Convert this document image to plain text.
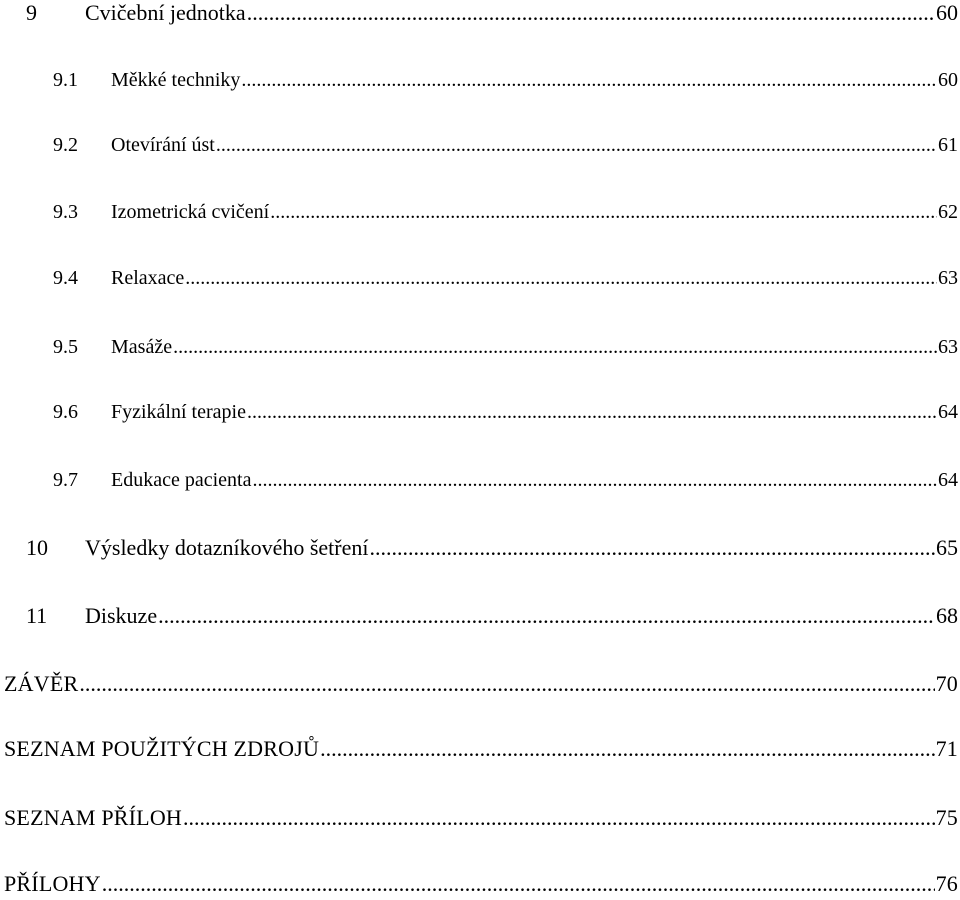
9	Cvičební jednotka .....	60
9.1	Měkké techniky .....	60
9.2	Otevírání úst .....	61
9.3	Izometrická cvičení .....	62
9.4	Relaxace .....	63
9.5	Masáže .....	63
9.6	Fyzikální terapie .....	64
9.7	Edukace pacienta .....	64
10	Výsledky dotazníkového šetření .....	65
11	Diskuze .....	68
ZÁVĚR .....	70
SEZNAM POUŽITÝCH ZDROJŮ .....	71
SEZNAM PŘÍLOH .....	75
PŘÍLOHY .....	76
